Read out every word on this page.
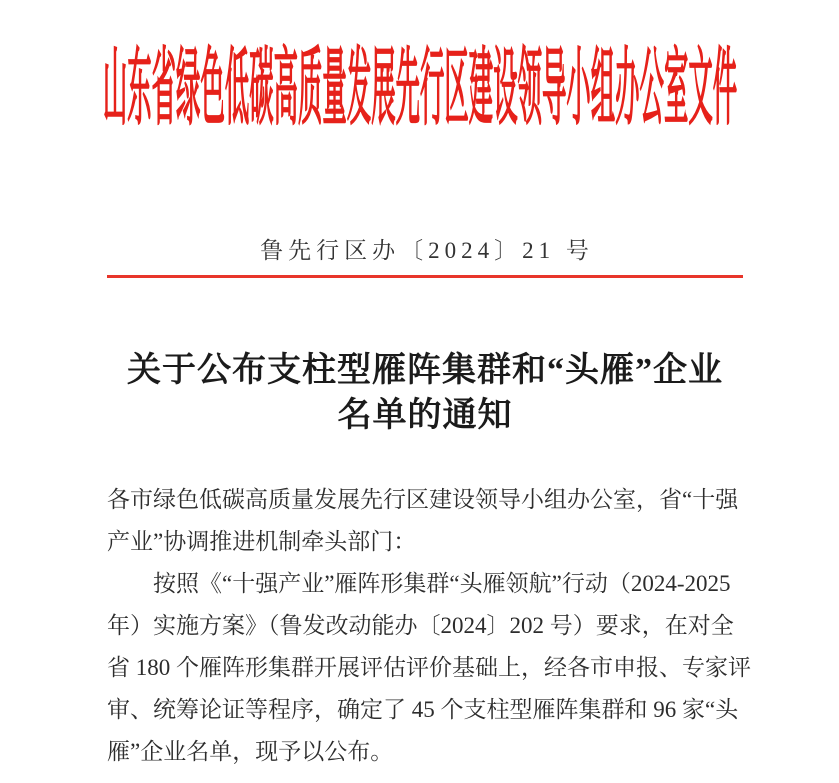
山东省绿色低碳高质量发展先行区建设领导小组办公室文件
鲁先行区办〔2024〕21 号
关于公布支柱型雁阵集群和“头雁”企业
名单的通知
各市绿色低碳高质量发展先行区建设领导小组办公室，省“十强
产业”协调推进机制牵头部门：
按照《“十强产业”雁阵形集群“头雁领航”行动（2024-2025
年）实施方案》（鲁发改动能办〔2024〕202 号）要求，在对全
省 180 个雁阵形集群开展评估评价基础上，经各市申报、专家评
审、统筹论证等程序，确定了 45 个支柱型雁阵集群和 96 家“头
雁”企业名单，现予以公布。
